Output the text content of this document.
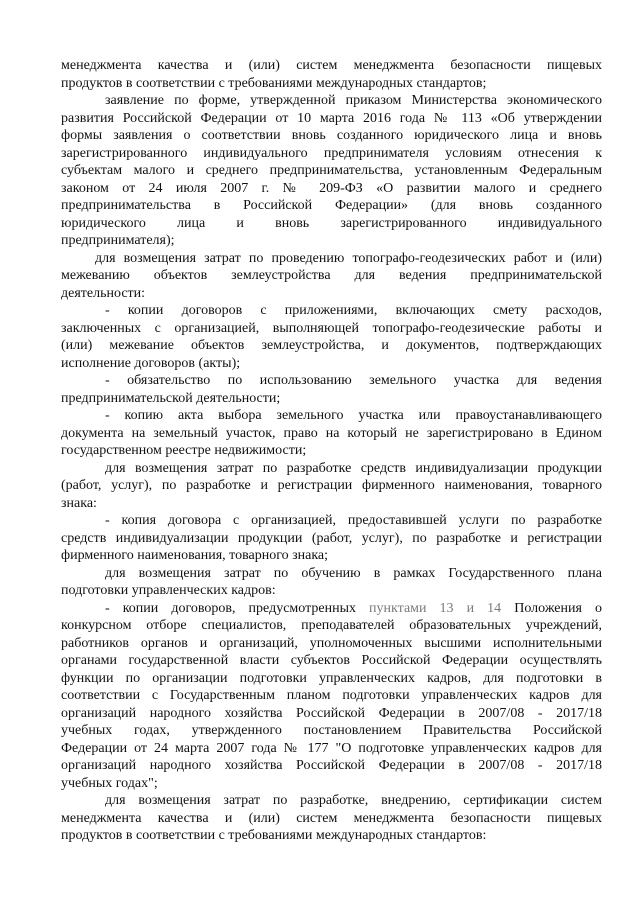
менеджмента качества и (или) систем менеджмента безопасности пищевых
продуктов в соответствии с требованиями международных стандартов;
заявление по форме, утвержденной приказом Министерства экономического
развития Российской Федерации от 10 марта 2016 года № 113 «Об утверждении
формы заявления о соответствии вновь созданного юридического лица и вновь
зарегистрированного индивидуального предпринимателя условиям отнесения к
субъектам малого и среднего предпринимательства, установленным Федеральным
законом от 24 июля 2007 г. № 209-ФЗ «О развитии малого и среднего
предпринимательства в Российской Федерации» (для вновь созданного
юридического лица и вновь зарегистрированного индивидуального
предпринимателя);
для возмещения затрат по проведению топографо-геодезических работ и (или)
межеванию объектов землеустройства для ведения предпринимательской
деятельности:
- копии договоров с приложениями, включающих смету расходов,
заключенных с организацией, выполняющей топографо-геодезические работы и
(или) межевание объектов землеустройства, и документов, подтверждающих
исполнение договоров (акты);
- обязательство по использованию земельного участка для ведения
предпринимательской деятельности;
- копию акта выбора земельного участка или правоустанавливающего
документа на земельный участок, право на который не зарегистрировано в Едином
государственном реестре недвижимости;
для возмещения затрат по разработке средств индивидуализации продукции
(работ, услуг), по разработке и регистрации фирменного наименования, товарного
знака:
- копия договора с организацией, предоставившей услуги по разработке
средств индивидуализации продукции (работ, услуг), по разработке и регистрации
фирменного наименования, товарного знака;
для возмещения затрат по обучению в рамках Государственного плана
подготовки управленческих кадров:
- копии договоров, предусмотренных пунктами 13 и 14 Положения о
конкурсном отборе специалистов, преподавателей образовательных учреждений,
работников органов и организаций, уполномоченных высшими исполнительными
органами государственной власти субъектов Российской Федерации осуществлять
функции по организации подготовки управленческих кадров, для подготовки в
соответствии с Государственным планом подготовки управленческих кадров для
организаций народного хозяйства Российской Федерации в 2007/08 - 2017/18
учебных годах, утвержденного постановлением Правительства Российской
Федерации от 24 марта 2007 года № 177 "О подготовке управленческих кадров для
организаций народного хозяйства Российской Федерации в 2007/08 - 2017/18
учебных годах";
для возмещения затрат по разработке, внедрению, сертификации систем
менеджмента качества и (или) систем менеджмента безопасности пищевых
продуктов в соответствии с требованиями международных стандартов:
